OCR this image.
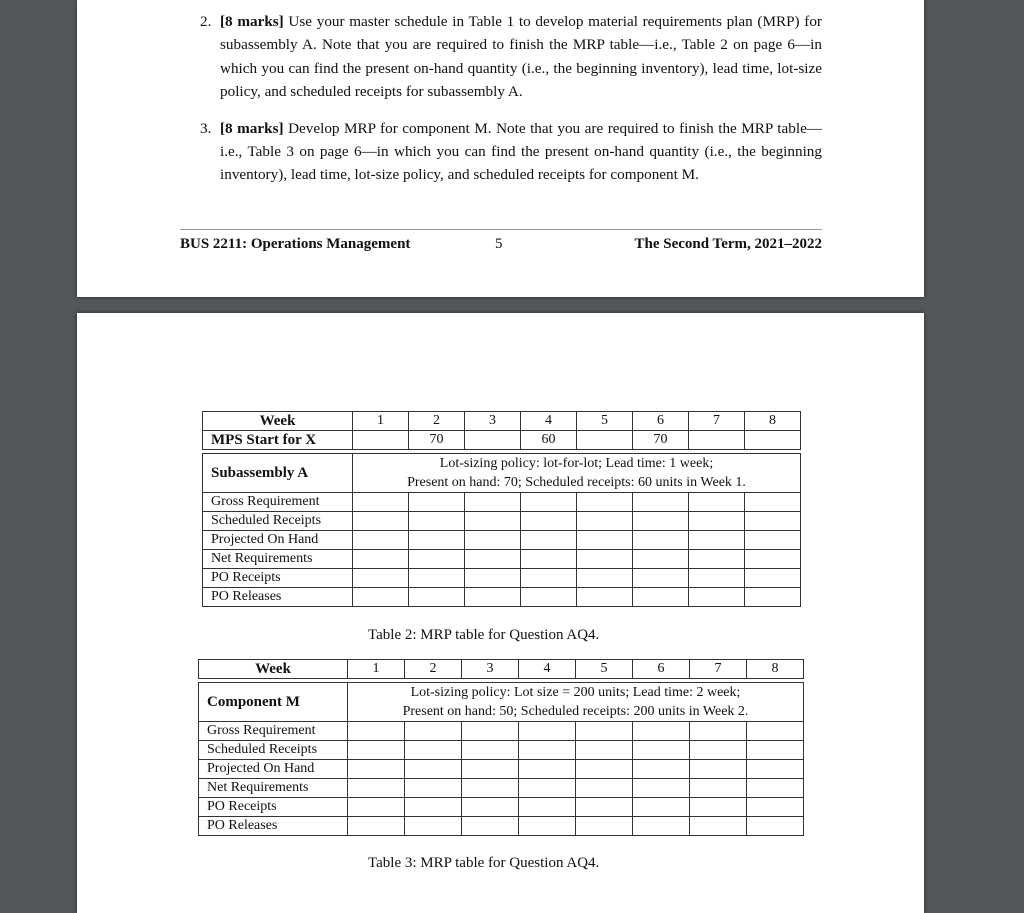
2. [8 marks] Use your master schedule in Table 1 to develop material requirements plan (MRP) for subassembly A. Note that you are required to finish the MRP table—i.e., Table 2 on page 6—in which you can find the present on-hand quantity (i.e., the beginning inventory), lead time, lot-size policy, and scheduled receipts for subassembly A.
3. [8 marks] Develop MRP for component M. Note that you are required to finish the MRP table—i.e., Table 3 on page 6—in which you can find the present on-hand quantity (i.e., the beginning inventory), lead time, lot-size policy, and scheduled receipts for component M.
BUS 2211: Operations Management	5	The Second Term, 2021–2022
Week	1	2	3	4	5	6	7	8
MPS Start for X		70		60		70		

Subassembly A	Lot-sizing policy: lot-for-lot; Lead time: 1 week;
Present on hand: 70; Scheduled receipts: 60 units in Week 1.							

Gross Requirement								
Scheduled Receipts								
Projected On Hand								
Net Requirements								
PO Receipts								
PO Releases								
Table 2: MRP table for Question AQ4.
Week	1	2	3	4	5	6	7	8

Component M	Lot-sizing policy: Lot size = 200 units; Lead time: 2 week;
Present on hand: 50; Scheduled receipts: 200 units in Week 2.							

Gross Requirement								
Scheduled Receipts								
Projected On Hand								
Net Requirements								
PO Receipts								
PO Releases								
Table 3: MRP table for Question AQ4.
